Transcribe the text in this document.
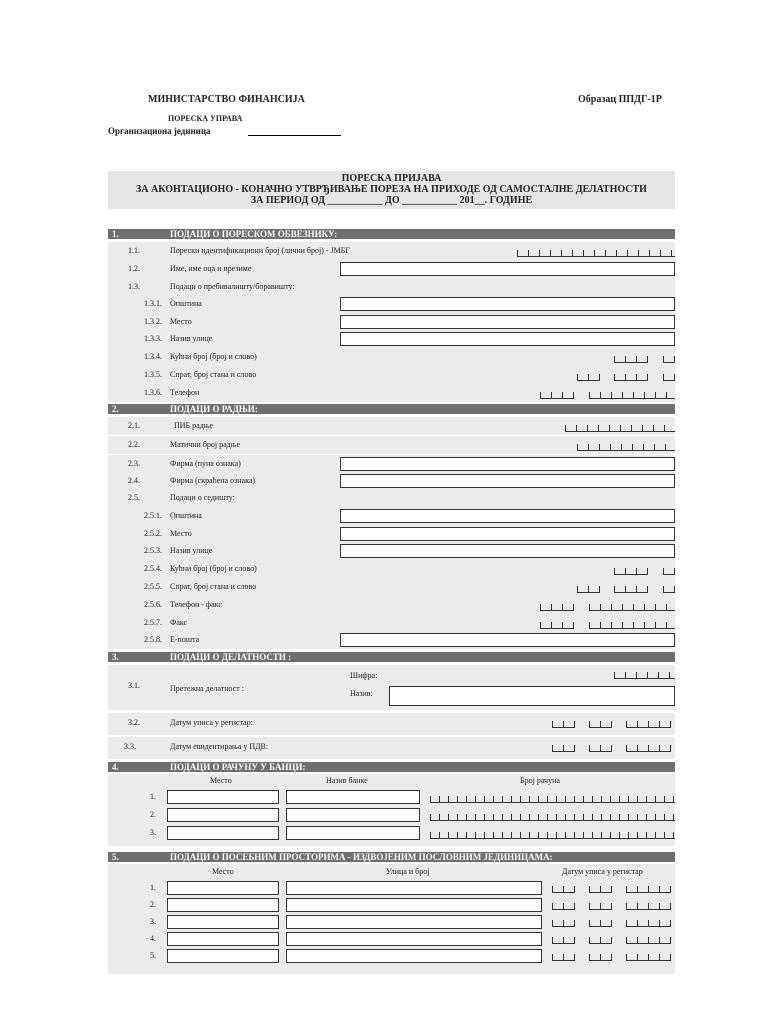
МИНИСТАРСТВО ФИНАНСИЈА	Образац ППДГ-1Р
ПОРЕСКА УПРАВА
Организациона јединица
ПОРЕСКА ПРИЈАВА
ЗА АКОНТАЦИОНО - КОНАЧНО УТВРЂИВАЊЕ ПОРЕЗА НА ПРИХОДЕ ОД САМОСТАЛНЕ ДЕЛАТНОСТИ
ЗА ПЕРИОД ОД ___________ ДО ___________ 201__. ГОДИНЕ
1.	ПОДАЦИ О ПОРЕСКОМ ОБВЕЗНИКУ:
1.1.	Порески идентификациони број (лични број) - ЈМБГ
1.2.	Име, име оца и презиме
1.3.	Подаци о пребивалишту/боравишту:
1.3.1. Општина
1.3.2. Место
1.3.3. Назив улице
1.3.4. Кућни број (број и слово)
1.3.5. Спрат, број стана и слово
1.3.6. Телефон
2.	ПОДАЦИ О РАДЊИ:
2.1.	ПИБ радње
2.2.	Матични број радње
2.3.	Фирма (пуна ознака)
2.4.	Фирма (скраћена ознака)
2.5.	Подаци о седишту:
2.5.1. Општина
2.5.2. Место
2.5.3. Назив улице
2.5.4. Кућни број (број и слово)
2.5.5. Спрат, број стана и слово
2.5.6. Телефон - факс
2.5.7. Факс
2.5.8. Е-пошта
3.	ПОДАЦИ О ДЕЛАТНОСТИ :
3.1.	Претежна делатност :
Шифра:
Назив:
3.2.	Датум уписа у регистар:
3.3.	Датум евидентирања у ПДВ:
4.	ПОДАЦИ О РАЧУНУ У БАНЦИ:
Место	Назив банке	Број рачуна
1.
2.
3.
5.	ПОДАЦИ О ПОСЕБНИМ ПРОСТОРИМА - ИЗДВОЈЕНИМ ПОСЛОВНИМ ЈЕДИНИЦАМА:
Место	Улица и број	Датум уписа у регистар
1.
2.
3.
4.
5.
